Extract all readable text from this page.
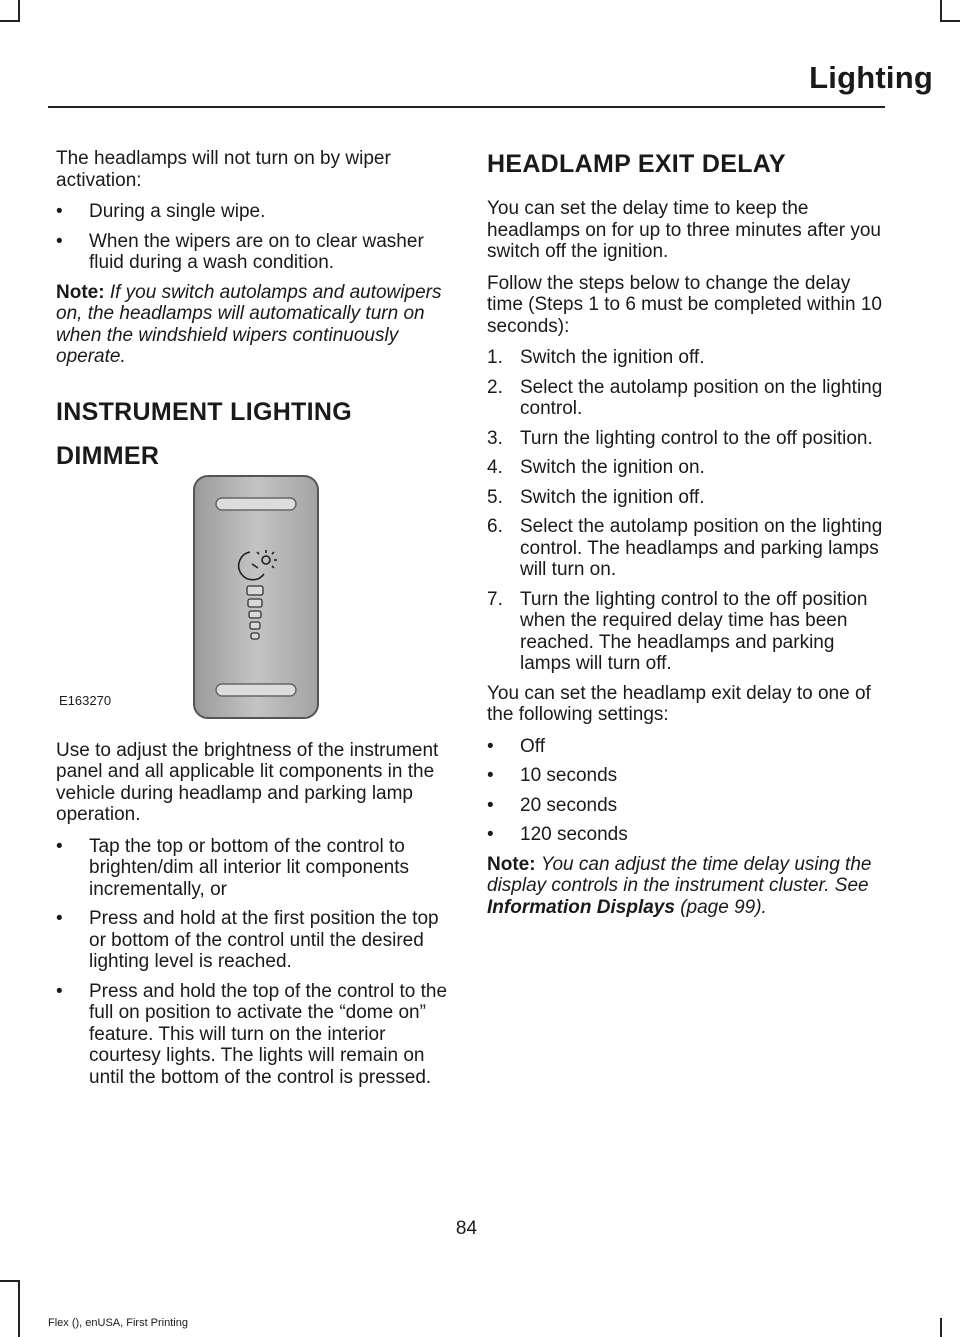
Lighting

The headlamps will not turn on by wiper activation:

• During a single wipe.
• When the wipers are on to clear washer fluid during a wash condition.

Note: If you switch autolamps and autowipers on, the headlamps will automatically turn on when the windshield wipers continuously operate.

INSTRUMENT LIGHTING
DIMMER
E163270

Use to adjust the brightness of the instrument panel and all applicable lit components in the vehicle during headlamp and parking lamp operation.

• Tap the top or bottom of the control to brighten/dim all interior lit components incrementally, or
• Press and hold at the first position the top or bottom of the control until the desired lighting level is reached.
• Press and hold the top of the control to the full on position to activate the “dome on” feature. This will turn on the interior courtesy lights. The lights will remain on until the bottom of the control is pressed.
HEADLAMP EXIT DELAY

You can set the delay time to keep the headlamps on for up to three minutes after you switch off the ignition.

Follow the steps below to change the delay time (Steps 1 to 6 must be completed within 10 seconds):

1. Switch the ignition off.
2. Select the autolamp position on the lighting control.
3. Turn the lighting control to the off position.
4. Switch the ignition on.
5. Switch the ignition off.
6. Select the autolamp position on the lighting control. The headlamps and parking lamps will turn on.
7. Turn the lighting control to the off position when the required delay time has been reached. The headlamps and parking lamps will turn off.

You can set the headlamp exit delay to one of the following settings:

• Off
• 10 seconds
• 20 seconds
• 120 seconds

Note: You can adjust the time delay using the display controls in the instrument cluster. See Information Displays (page 99).

84
Flex (), enUSA, First Printing
